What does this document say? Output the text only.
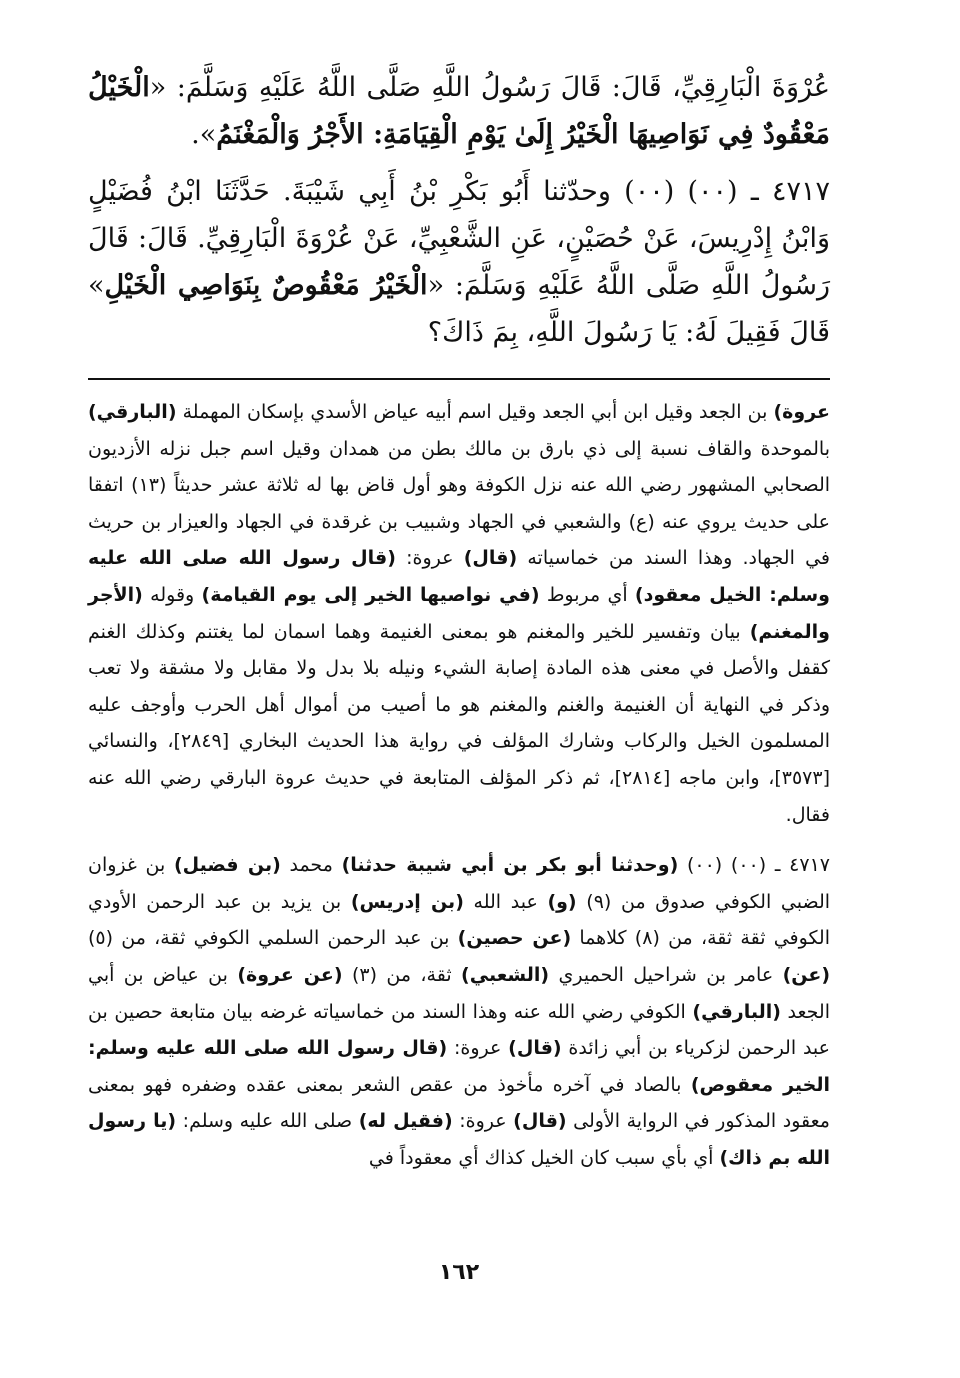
عُرْوَةَ الْبَارِقِيِّ، قَالَ: قَالَ رَسُولُ اللَّهِ صَلَّى اللَّهُ عَلَيْهِ وَسَلَّمَ: «الْخَيْلُ مَعْقُودٌ فِي نَوَاصِيهَا الْخَيْرُ إِلَىٰ يَوْمِ الْقِيَامَةِ: الأَجْرُ وَالْمَغْنَمُ».

٤٧١٧ ـ (٠٠) (٠٠) وحدّثنا أَبُو بَكْرِ بْنُ أَبِي شَيْبَةَ. حَدَّثَنَا ابْنُ فُضَيْلٍ وَابْنُ إِدْرِيسَ، عَنْ حُصَيْنٍ، عَنِ الشَّعْبِيِّ، عَنْ عُرْوَةَ الْبَارِقِيِّ. قَالَ: قَالَ رَسُولُ اللَّهِ صَلَّى اللَّهُ عَلَيْهِ وَسَلَّمَ: «الْخَيْرُ مَعْقُوصٌ بِنَوَاصِي الْخَيْلِ» قَالَ فَقِيلَ لَهُ: يَا رَسُولَ اللَّهِ، بِمَ ذَاكَ؟

عروة) بن الجعد وقيل ابن أبي الجعد وقيل اسم أبيه عياض الأسدي بإسكان المهملة (البارقي) بالموحدة والقاف نسبة إلى ذي بارق بن مالك بطن من همدان وقيل اسم جبل نزله الأزديون الصحابي المشهور رضي الله عنه نزل الكوفة وهو أول قاض بها له ثلاثة عشر حديثاً (١٣) اتفقا على حديث يروي عنه (ع) والشعبي في الجهاد وشبيب بن غرقدة في الجهاد والعيزار بن حريث في الجهاد. وهذا السند من خماسياته (قال) عروة: (قال رسول الله صلى الله عليه وسلم: الخيل معقود) أي مربوط (في نواصيها الخير إلى يوم القيامة) وقوله (الأجر والمغنم) بيان وتفسير للخير والمغنم هو بمعنى الغنيمة وهما اسمان لما يغتنم وكذلك الغنم كقفل والأصل في معنى هذه المادة إصابة الشيء ونيله بلا بدل ولا مقابل ولا مشقة ولا تعب وذكر في النهاية أن الغنيمة والغنم والمغنم هو ما أصيب من أموال أهل الحرب وأوجف عليه المسلمون الخيل والركاب وشارك المؤلف في رواية هذا الحديث البخاري [٢٨٤٩]، والنسائي [٣٥٧٣]، وابن ماجه [٢٨١٤]، ثم ذكر المؤلف المتابعة في حديث عروة البارقي رضي الله عنه فقال.

٤٧١٧ ـ (٠٠) (٠٠) (وحدثنا أبو بكر بن أبي شيبة حدثنا) محمد (بن فضيل) بن غزوان الضبي الكوفي صدوق من (٩) (و) عبد الله (بن إدريس) بن يزيد بن عبد الرحمن الأودي الكوفي ثقة ثقة، من (٨) كلاهما (عن حصين) بن عبد الرحمن السلمي الكوفي ثقة، من (٥) (عن) عامر بن شراحيل الحميري (الشعبي) ثقة، من (٣) (عن عروة) بن عياض بن أبي الجعد (البارقي) الكوفي رضي الله عنه وهذا السند من خماسياته غرضه بيان متابعة حصين بن عبد الرحمن لزكرياء بن أبي زائدة (قال) عروة: (قال رسول الله صلى الله عليه وسلم: الخير معقوص) بالصاد في آخره مأخوذ من عقص الشعر بمعنى عقده وضفره فهو بمعنى معقود المذكور في الرواية الأولى (قال) عروة: (فقيل له) صلى الله عليه وسلم: (يا رسول الله بم ذاك) أي بأي سبب كان الخيل كذاك أي معقوداً في

١٦٢
